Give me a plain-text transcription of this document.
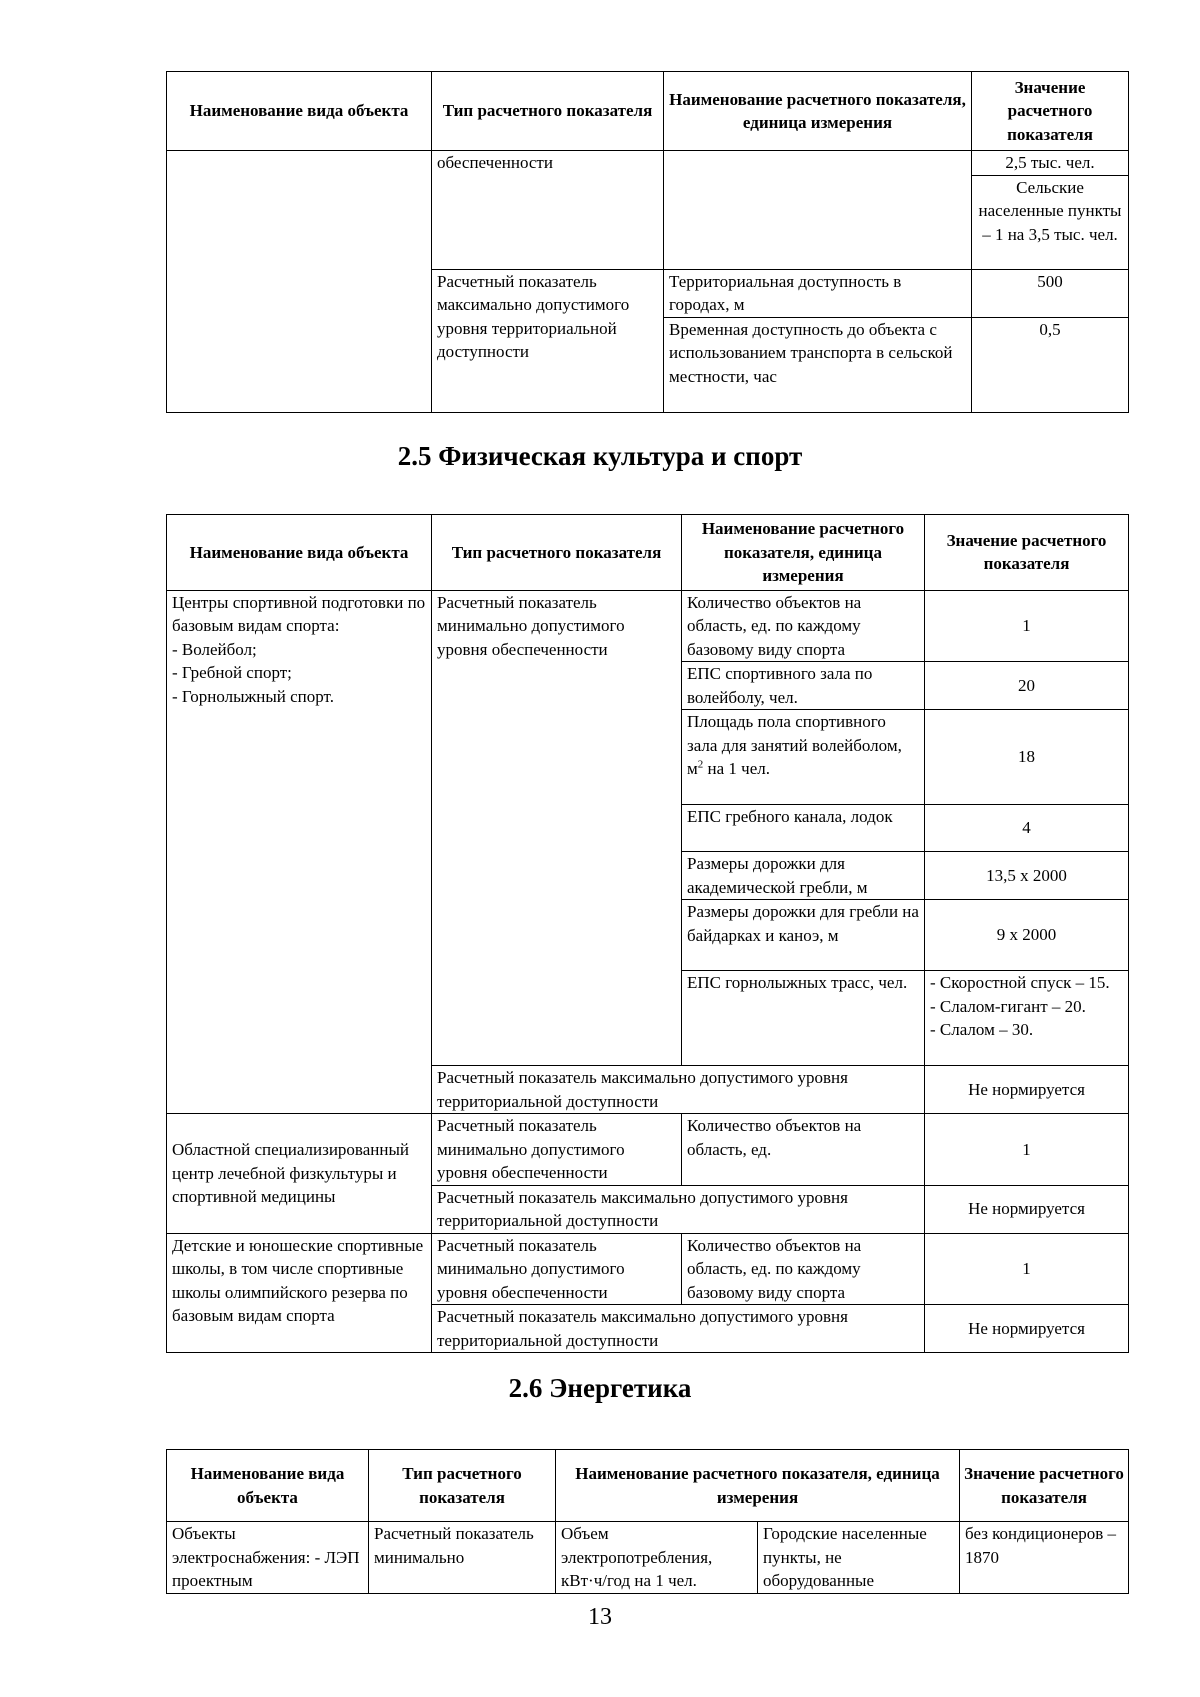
Наименование вида объекта	Тип расчетного показателя	Наименование расчетного показателя, единица измерения	Значение расчетного показателя
	обеспеченности		2,5 тыс. чел.
			Сельские населенные пункты – 1 на 3,5 тыс. чел.
	Расчетный показатель максимально допустимого уровня территориальной доступности	Территориальная доступность в городах, м	500
		Временная доступность до объекта с использованием транспорта в сельской местности, час	0,5
2.5 Физическая культура и спорт
Наименование вида объекта	Тип расчетного показателя	Наименование расчетного показателя, единица измерения	Значение расчетного показателя

Центры спортивной подготовки по базовым видам спорта:
- Волейбол;
- Гребной спорт;
- Горнолыжный спорт.	Расчетный показатель минимально допустимого уровня обеспеченности	Количество объектов на область, ед. по каждому базовому виду спорта	1
		ЕПС спортивного зала по волейболу, чел.	20
		Площадь пола спортивного зала для занятий волейболом, $м^2$ на 1 чел.	18
		ЕПС гребного канала, лодок	4
		Размеры дорожки для академической гребли, м	13,5 х 2000
		Размеры дорожки для гребли на байдарках и каноэ, м	9 х 2000
		ЕПС горнолыжных трасс, чел.	- Скоростной спуск – 15.
- Слалом-гигант – 20.
- Слалом – 30.

	Расчетный показатель максимально допустимого уровня территориальной доступности		Не нормируется
Областной специализированный центр лечебной физкультуры и спортивной медицины	Расчетный показатель минимально допустимого уровня обеспеченности	Количество объектов на область, ед.	1
	Расчетный показатель максимально допустимого уровня территориальной доступности		Не нормируется
Детские и юношеские спортивные школы, в том числе спортивные школы олимпийского резерва по базовым видам спорта	Расчетный показатель минимально допустимого уровня обеспеченности	Количество объектов на область, ед. по каждому базовому виду спорта	1
	Расчетный показатель максимально допустимого уровня территориальной доступности		Не нормируется
2.6 Энергетика
Наименование вида объекта	Тип расчетного показателя	Наименование расчетного показателя, единица измерения		Значение расчетного показателя
Объекты электроснабжения: - ЛЭП проектным	Расчетный показатель минимально	Объем электропотребления, кВт·ч/год на 1 чел.	Городские населенные пункты, не оборудованные	без кондиционеров – 1870
13
